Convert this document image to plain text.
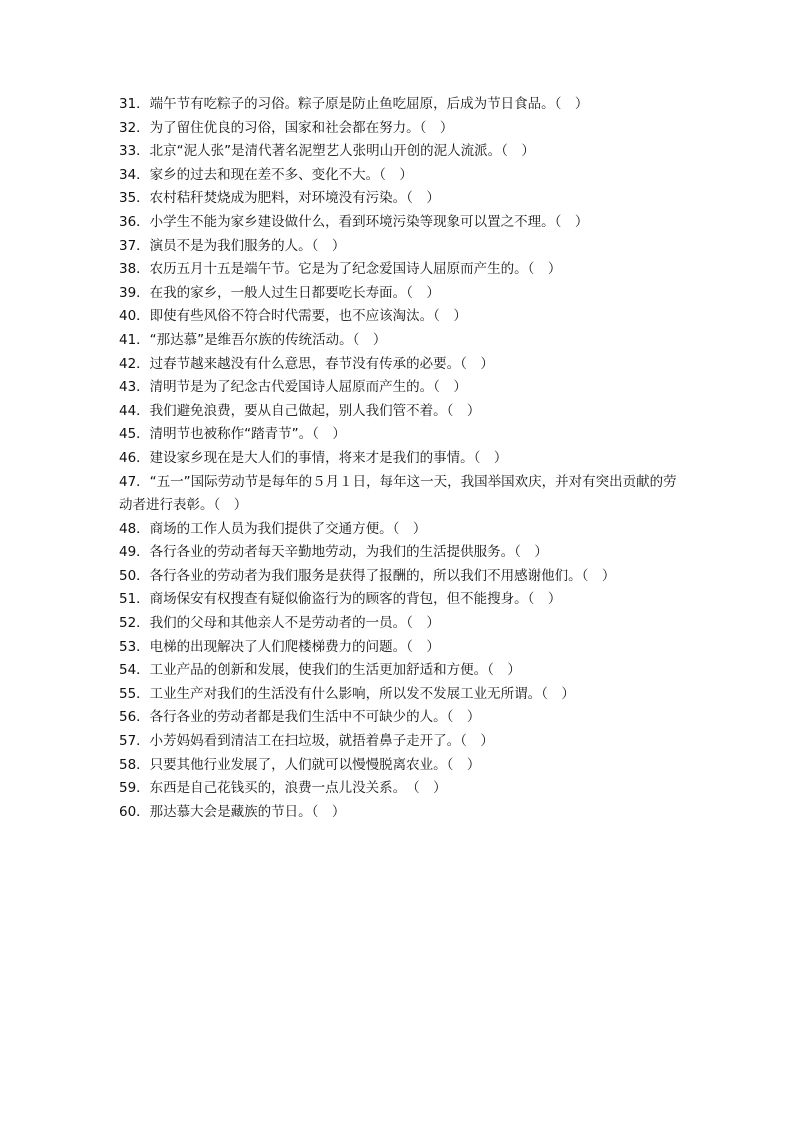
31．端午节有吃粽子的习俗。粽子原是防止鱼吃屈原，后成为节日食品。（　）
32．为了留住优良的习俗，国家和社会都在努力。（　）
33．北京“泥人张”是清代著名泥塑艺人张明山开创的泥人流派。（　）
34．家乡的过去和现在差不多、变化不大。（　）
35．农村秸秆焚烧成为肥料，对环境没有污染。（　）
36．小学生不能为家乡建设做什么，看到环境污染等现象可以置之不理。（　）
37．演员不是为我们服务的人。（　）
38．农历五月十五是端午节。它是为了纪念爱国诗人屈原而产生的。（　）
39．在我的家乡，一般人过生日都要吃长寿面。（　）
40．即使有些风俗不符合时代需要，也不应该淘汰。（　）
41．“那达慕”是维吾尔族的传统活动。（　）
42．过春节越来越没有什么意思，春节没有传承的必要。（　）
43．清明节是为了纪念古代爱国诗人屈原而产生的。（　）
44．我们避免浪费，要从自己做起，别人我们管不着。（　）
45．清明节也被称作“踏青节”。（　）
46．建设家乡现在是大人们的事情，将来才是我们的事情。（　）
47．“五一”国际劳动节是每年的５月１日，每年这一天，我国举国欢庆，并对有突出贡献的劳动者进行表彰。（　）
48．商场的工作人员为我们提供了交通方便。（　）
49．各行各业的劳动者每天辛勤地劳动，为我们的生活提供服务。（　）
50．各行各业的劳动者为我们服务是获得了报酬的，所以我们不用感谢他们。（　）
51．商场保安有权搜查有疑似偷盗行为的顾客的背包，但不能搜身。（　）
52．我们的父母和其他亲人不是劳动者的一员。（　）
53．电梯的出现解决了人们爬楼梯费力的问题。（　）
54．工业产品的创新和发展，使我们的生活更加舒适和方便。（　）
55．工业生产对我们的生活没有什么影响，所以发不发展工业无所谓。（　）
56．各行各业的劳动者都是我们生活中不可缺少的人。（　）
57．小芳妈妈看到清洁工在扫垃圾，就捂着鼻子走开了。（　）
58．只要其他行业发展了，人们就可以慢慢脱离农业。（　）
59．东西是自己花钱买的，浪费一点儿没关系。　（　）
60．那达慕大会是藏族的节日。（　）
